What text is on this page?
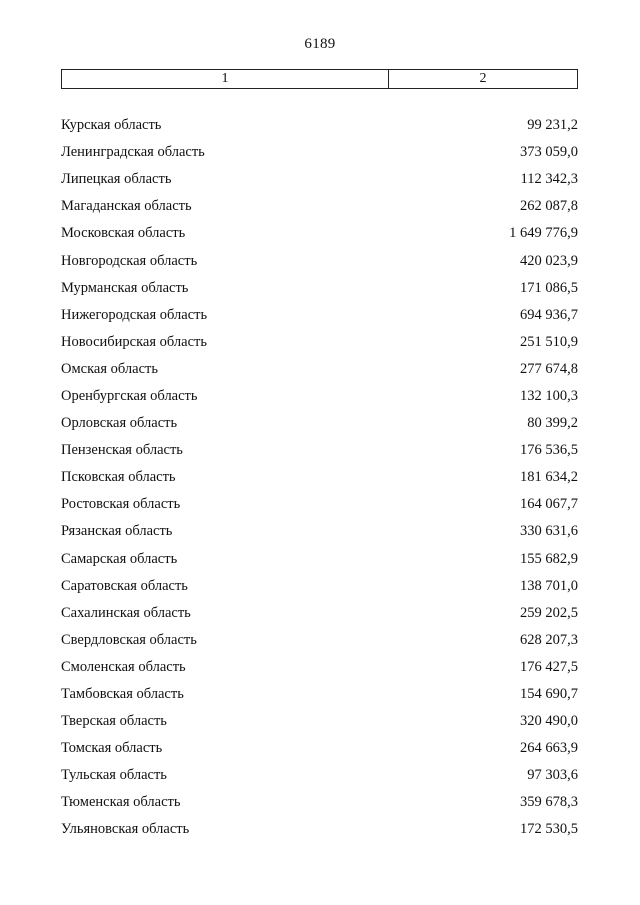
6189
1	2
Курская область	99 231,2
Ленинградская область	373 059,0
Липецкая область	112 342,3
Магаданская область	262 087,8
Московская область	1 649 776,9
Новгородская область	420 023,9
Мурманская область	171 086,5
Нижегородская область	694 936,7
Новосибирская область	251 510,9
Омская область	277 674,8
Оренбургская область	132 100,3
Орловская область	80 399,2
Пензенская область	176 536,5
Псковская область	181 634,2
Ростовская область	164 067,7
Рязанская область	330 631,6
Самарская область	155 682,9
Саратовская область	138 701,0
Сахалинская область	259 202,5
Свердловская область	628 207,3
Смоленская область	176 427,5
Тамбовская область	154 690,7
Тверская область	320 490,0
Томская область	264 663,9
Тульская область	97 303,6
Тюменская область	359 678,3
Ульяновская область	172 530,5
